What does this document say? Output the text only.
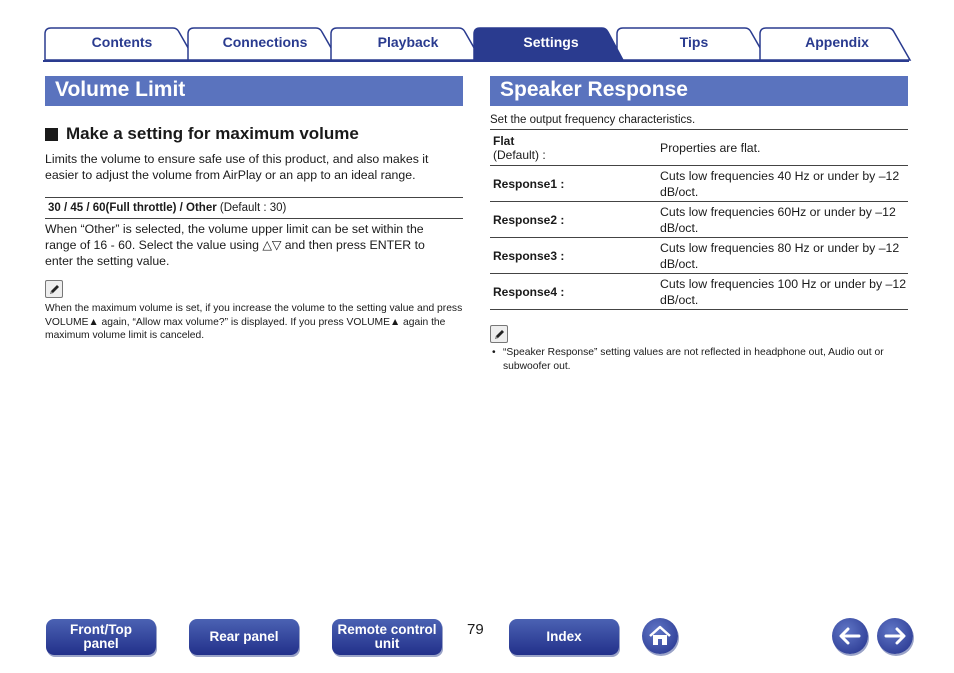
Contents	Connections	Playback	Tips	Appendix
Settings
Volume Limit
Make a setting for maximum volume
Limits the volume to ensure safe use of this product, and also makes it easier to adjust the volume from AirPlay or an app to an ideal range.
30 / 45 / 60(Full throttle) / Other (Default : 30)
When “Other” is selected, the volume upper limit can be set within the range of 16 - 60. Select the value using △▽ and then press ENTER to enter the setting value.
When the maximum volume is set, if you increase the volume to the setting value and press VOLUME▲ again, “Allow max volume?” is displayed. If you press VOLUME▲ again the maximum volume limit is canceled.
Speaker Response
Set the output frequency characteristics.
Flat
(Default) :	Properties are flat.
Response1 :
Cuts low frequencies 40 Hz or under by –12 dB/oct.
Response2 :
Cuts low frequencies 60Hz or under by –12 dB/oct.
Response3 :
Cuts low frequencies 80 Hz or under by –12 dB/oct.
Response4 :
Cuts low frequencies 100 Hz or under by –12 dB/oct.
• “Speaker Response” setting values are not reflected in headphone out, Audio out or subwoofer out.
Front/Top
panel	Rear panel	Remote control
unit
79	Index
